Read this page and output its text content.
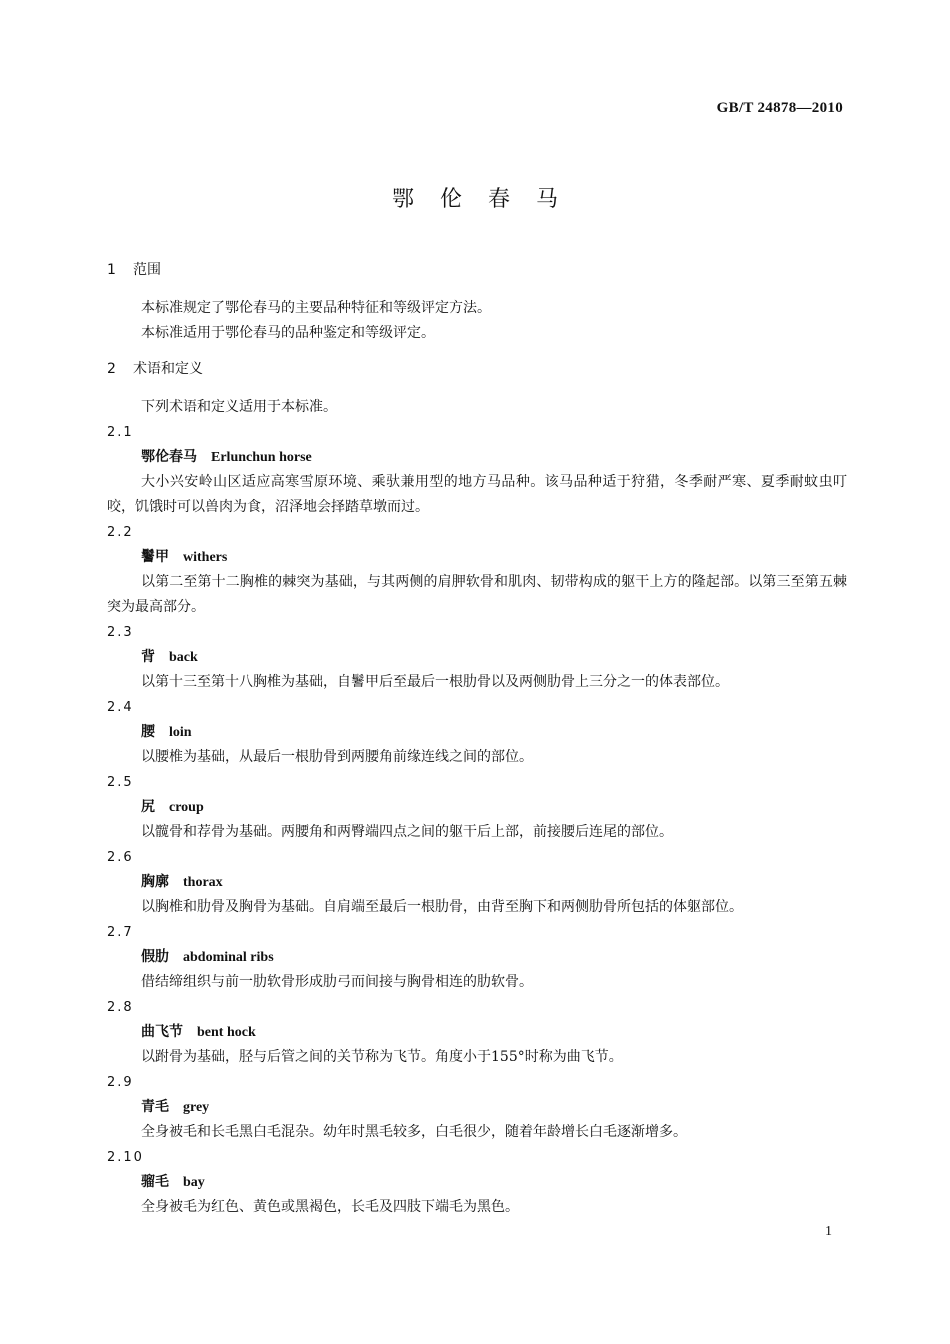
GB/T 24878—2010
鄂伦春马
1 范围

本标准规定了鄂伦春马的主要品种特征和等级评定方法。

本标准适用于鄂伦春马的品种鉴定和等级评定。

2 术语和定义

下列术语和定义适用于本标准。

2.1
鄂伦春马 Erlunchun horse

大小兴安岭山区适应高寒雪原环境、乘驮兼用型的地方马品种。该马品种适于狩猎，冬季耐严寒、夏季耐蚊虫叮咬，饥饿时可以兽肉为食，沼泽地会择踏草墩而过。

2.2
鬐甲 withers

以第二至第十二胸椎的棘突为基础，与其两侧的肩胛软骨和肌肉、韧带构成的躯干上方的隆起部。以第三至第五棘突为最高部分。

2.3
背 back

以第十三至第十八胸椎为基础，自鬐甲后至最后一根肋骨以及两侧肋骨上三分之一的体表部位。

2.4
腰 loin

以腰椎为基础，从最后一根肋骨到两腰角前缘连线之间的部位。

2.5
尻 croup

以髋骨和荐骨为基础。两腰角和两臀端四点之间的躯干后上部，前接腰后连尾的部位。

2.6
胸廓 thorax

以胸椎和肋骨及胸骨为基础。自肩端至最后一根肋骨，由背至胸下和两侧肋骨所包括的体躯部位。

2.7
假肋 abdominal ribs

借结缔组织与前一肋软骨形成肋弓而间接与胸骨相连的肋软骨。

2.8
曲飞节 bent hock

以跗骨为基础，胫与后管之间的关节称为飞节。角度小于155°时称为曲飞节。

2.9
青毛 grey

全身被毛和长毛黑白毛混杂。幼年时黑毛较多，白毛很少，随着年龄增长白毛逐渐增多。

2.10
骝毛 bay

全身被毛为红色、黄色或黑褐色，长毛及四肢下端毛为黑色。

1
